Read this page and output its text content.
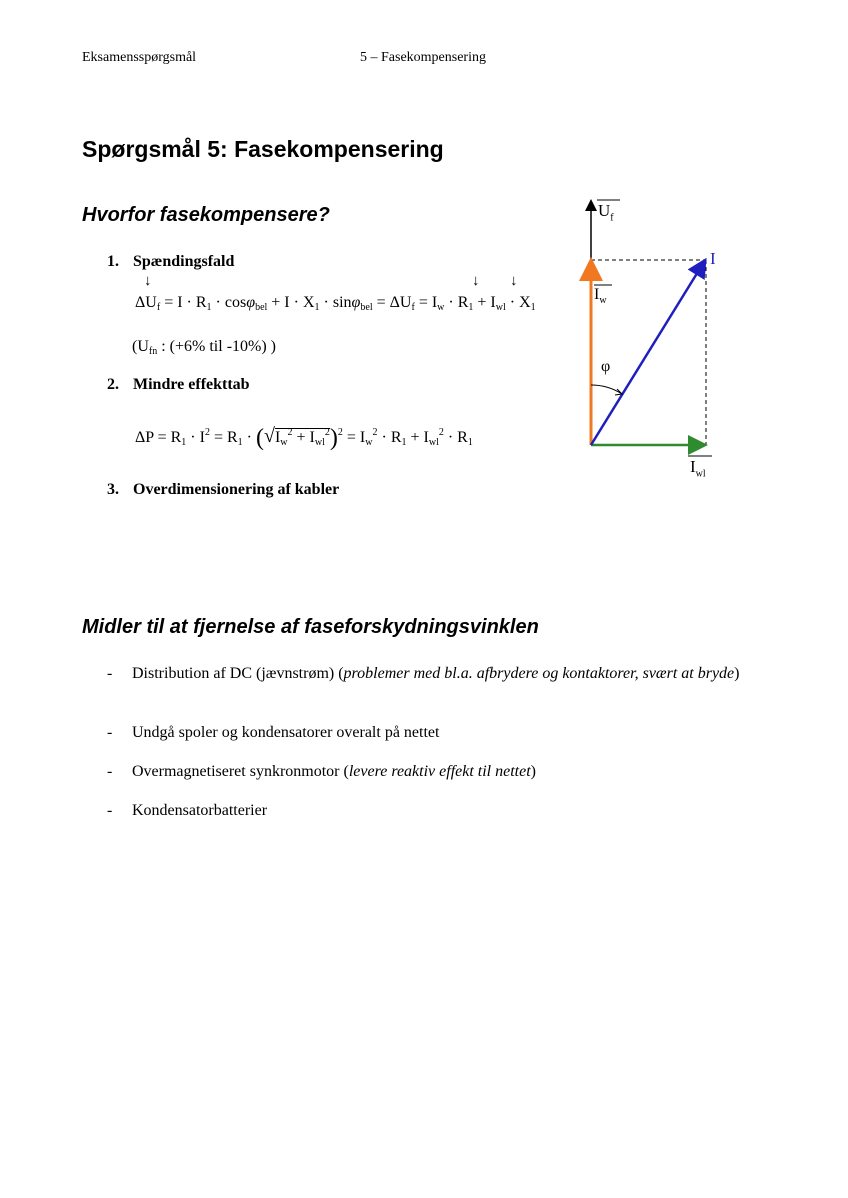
Eksamensspørgsmål	5 – Fasekompensering
Spørgsmål 5: Fasekompensering
Hvorfor fasekompensere?
1. Spændingsfald
↓	↓ ↓
$\Delta U_f = I \cdot R_1 \cdot \cos\varphi_{bel} + I \cdot X_1 \cdot \sin\varphi_{bel} = \Delta U_f = I_w \cdot R_1 + I_{wl} \cdot X_1$
($U_{fn}$ : (+6% til -10%) )
2. Mindre effekttab
$\Delta P = R_1 \cdot I^2 = R_1 \cdot (√I_w^2 + I_{wl}^2)^2 = I_w^2 \cdot R_1 + I_{wl}^2 \cdot R_1$
3. Overdimensionering af kabler
$U_f$
I
$I_w$
φ
$I_{wl}$
Midler til at fjernelse af faseforskydningsvinklen
- Distribution af DC (jævnstrøm) (problemer med bl.a. afbrydere og kontaktorer, svært at bryde)
- Undgå spoler og kondensatorer overalt på nettet
- Overmagnetiseret synkronmotor (levere reaktiv effekt til nettet)
- Kondensatorbatterier
